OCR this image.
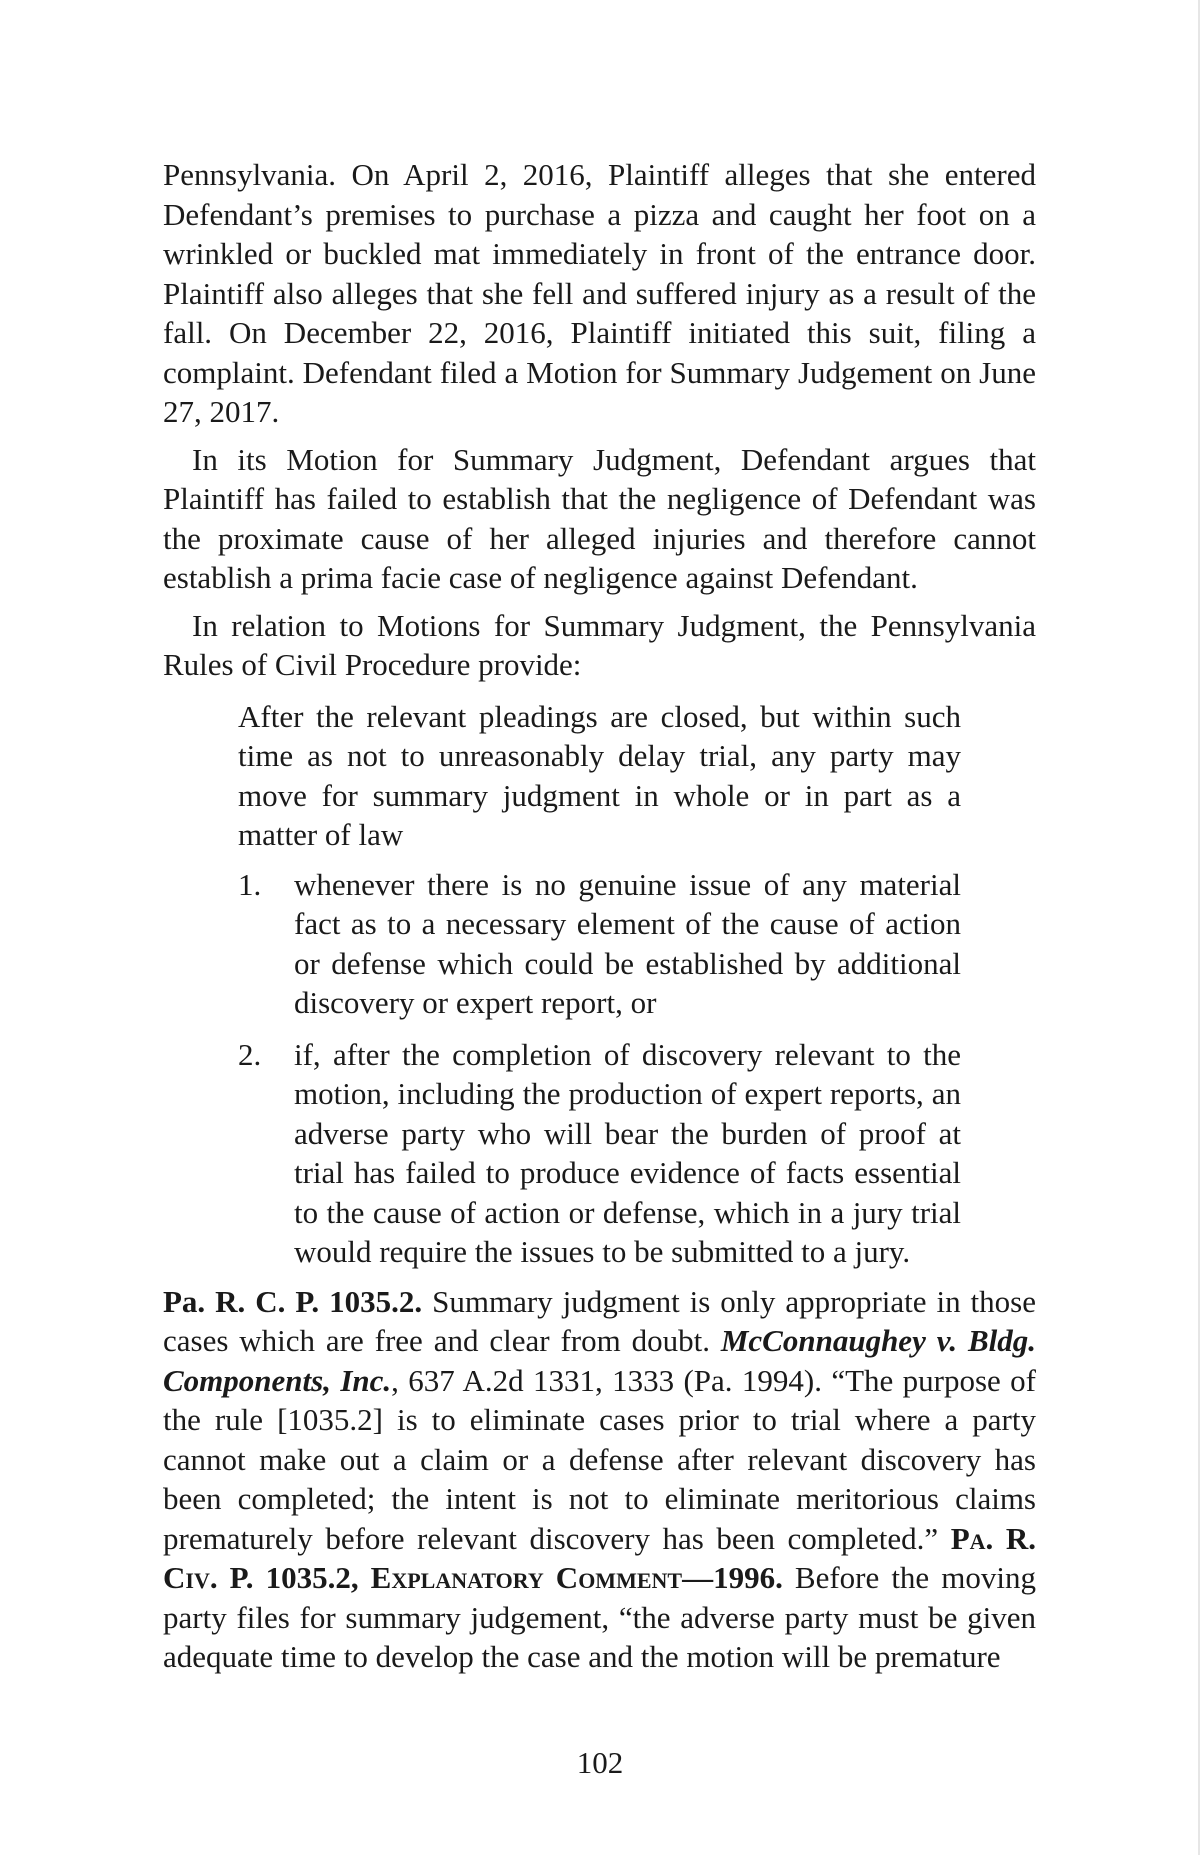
Pennsylvania. On April 2, 2016, Plaintiff alleges that she entered Defendant’s premises to purchase a pizza and caught her foot on a wrinkled or buckled mat immediately in front of the entrance door. Plaintiff also alleges that she fell and suffered injury as a result of the fall. On December 22, 2016, Plaintiff initiated this suit, filing a complaint. Defendant filed a Motion for Summary Judgement on June 27, 2017.

In its Motion for Summary Judgment, Defendant argues that Plaintiff has failed to establish that the negligence of Defendant was the proximate cause of her alleged injuries and therefore cannot establish a prima facie case of negligence against Defendant.

In relation to Motions for Summary Judgment, the Pennsylvania Rules of Civil Procedure provide:

After the relevant pleadings are closed, but within such time as not to unreasonably delay trial, any party may move for summary judgment in whole or in part as a matter of law

1.	whenever there is no genuine issue of any material fact as to a necessary element of the cause of action or defense which could be established by additional discovery or expert report, or
2.	if, after the completion of discovery relevant to the motion, including the production of expert reports, an adverse party who will bear the burden of proof at trial has failed to produce evidence of facts essential to the cause of action or defense, which in a jury trial would require the issues to be submitted to a jury.

Pa. R. C. P. 1035.2. Summary judgment is only appropriate in those cases which are free and clear from doubt. McConnaughey v. Bldg. Components, Inc., 637 A.2d 1331, 1333 (Pa. 1994). “The purpose of the rule [1035.2] is to eliminate cases prior to trial where a party cannot make out a claim or a defense after relevant discovery has been completed; the intent is not to eliminate meritorious claims prematurely before relevant discovery has been completed.” Pa. R. Civ. P. 1035.2, Explanatory Comment—1996. Before the moving party files for summary judgement, “the adverse party must be given adequate time to develop the case and the motion will be premature

102
